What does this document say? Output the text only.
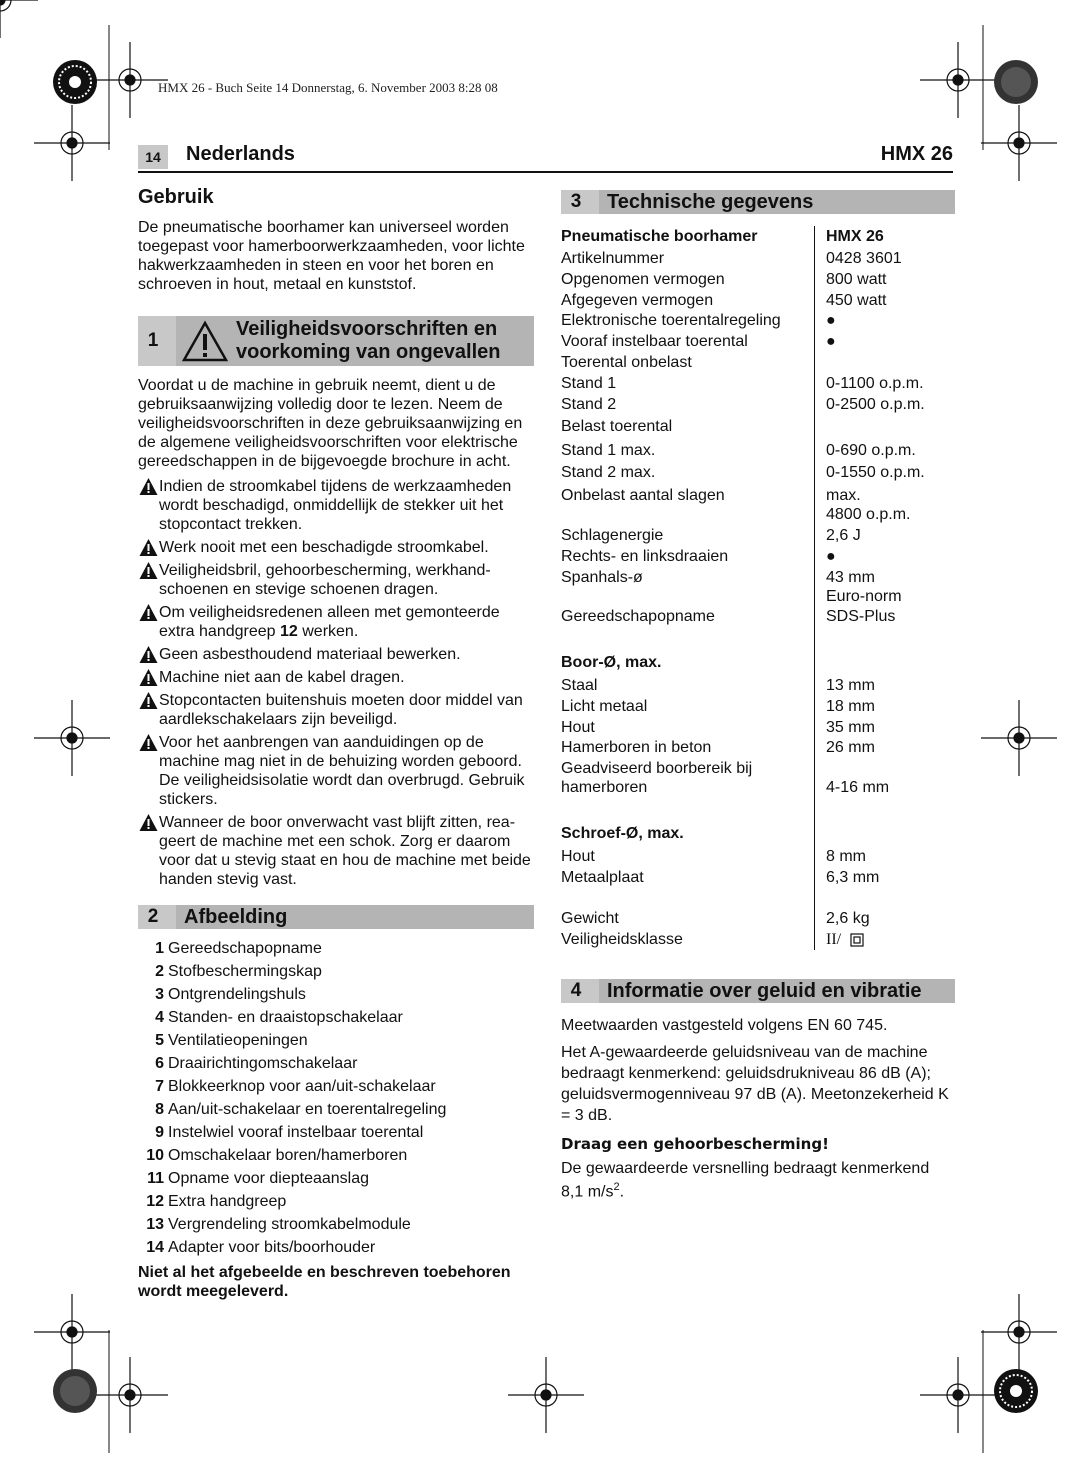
HMX 26 - Buch Seite 14 Donnerstag, 6. November 2003 8:28 08
14	Nederlands	HMX 26
Gebruik

De pneumatische boorhamer kan universeel worden toegepast voor hamerboorwerkzaamheden, voor lichte hakwerkzaamheden in steen en voor het boren en schroeven in hout, metaal en kunststof.

1
Veiligheidsvoorschriften en voorkoming van ongevallen

Voordat u de machine in gebruik neemt, dient u de gebruiksaanwijzing volledig door te lezen. Neem de veiligheidsvoorschriften in deze gebruiksaanwijzing en de algemene veiligheidsvoorschriften voor elektrische gereedschappen in de bijgevoegde brochure in acht.

Indien de stroomkabel tijdens de werkzaamheden wordt beschadigd, onmiddellijk de stekker uit het stopcontact trekken.
Werk nooit met een beschadigde stroomkabel.
Veiligheidsbril, gehoorbescherming, werkhand-schoenen en stevige schoenen dragen.
Om veiligheidsredenen alleen met gemonteerde extra handgreep 12 werken.
Geen asbesthoudend materiaal bewerken.
Machine niet aan de kabel dragen.
Stopcontacten buitenshuis moeten door middel van aardlekschakelaars zijn beveiligd.
Voor het aanbrengen van aanduidingen op de machine mag niet in de behuizing worden geboord. De veiligheidsisolatie wordt dan overbrugd. Gebruik stickers.
Wanneer de boor onverwacht vast blijft zitten, rea-geert de machine met een schok. Zorg er daarom voor dat u stevig staat en hou de machine met beide handen stevig vast.
2	Afbeelding
1 Gereedschapopname
2 Stofbeschermingskap
3 Ontgrendelingshuls
4 Standen- en draaistopschakelaar
5 Ventilatieopeningen
6 Draairichtingomschakelaar
7 Blokkeerknop voor aan/uit-schakelaar
8 Aan/uit-schakelaar en toerentalregeling
9 Instelwiel vooraf instelbaar toerental
10 Omschakelaar boren/hamerboren
11 Opname voor diepteaanslag
12 Extra handgreep
13 Vergrendeling stroomkabelmodule
14 Adapter voor bits/boorhouder

Niet al het afgebeelde en beschreven toebehoren wordt meegeleverd.

3	Technische gegevens
Pneumatische boorhamer	HMX 26
Artikelnummer	0428 3601
Opgenomen vermogen	800 watt
Afgegeven vermogen	450 watt
Elektronische toerentalregeling	●
Vooraf instelbaar toerental	●
Toerental onbelast
Stand 1	0-1100 o.p.m.
Stand 2	0-2500 o.p.m.
Belast toerental
Stand 1 max.	0-690 o.p.m.
Stand 2 max.	0-1550 o.p.m.
Onbelast aantal slagen	max.
4800 o.p.m.
Schlagenergie	2,6 J
Rechts- en linksdraaien	●
Spanhals-ø	43 mm
Euro-norm
Gereedschapopname	SDS-Plus
Boor-Ø, max.
Staal	13 mm
Licht metaal	18 mm
Hout	35 mm
Hamerboren in beton	26 mm
Geadviseerd boorbereik bij
hamerboren	4-16 mm
Schroef-Ø, max.
Hout	8 mm
Metaalplaat	6,3 mm
Gewicht	2,6 kg
Veiligheidsklasse	II/
4	Informatie over geluid en vibratie

Meetwaarden vastgesteld volgens EN 60 745.

Het A-gewaardeerde geluidsniveau van de machine bedraagt kenmerkend: geluidsdrukniveau 86 dB (A); geluidsvermogenniveau 97 dB (A). Meetonzekerheid K = 3 dB.

Draag een gehoorbescherming!

De gewaardeerde versnelling bedraagt kenmerkend 8,1 $m/s^2$.
